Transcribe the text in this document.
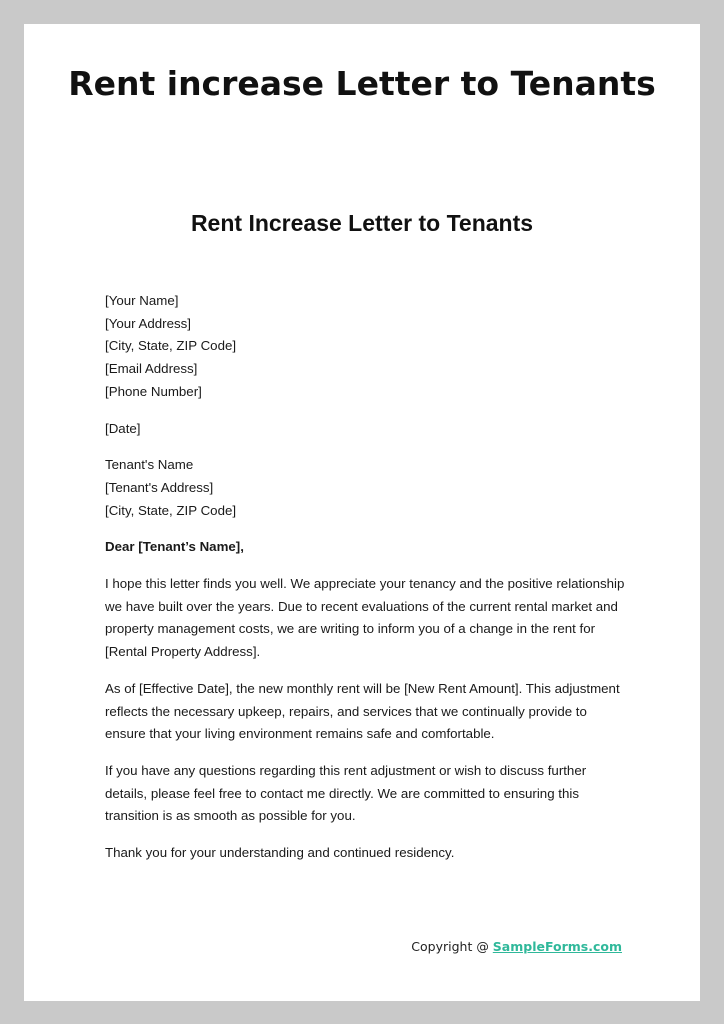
Rent increase Letter to Tenants
Rent Increase Letter to Tenants
[Your Name]
[Your Address]
[City, State, ZIP Code]
[Email Address]
[Phone Number]
[Date]
Tenant's Name
[Tenant's Address]
[City, State, ZIP Code]

Dear [Tenant’s Name],

I hope this letter finds you well. We appreciate your tenancy and the positive relationship we have built over the years. Due to recent evaluations of the current rental market and property management costs, we are writing to inform you of a change in the rent for [Rental Property Address].

As of [Effective Date], the new monthly rent will be [New Rent Amount]. This adjustment reflects the necessary upkeep, repairs, and services that we continually provide to ensure that your living environment remains safe and comfortable.

If you have any questions regarding this rent adjustment or wish to discuss further details, please feel free to contact me directly. We are committed to ensuring this transition is as smooth as possible for you.

Thank you for your understanding and continued residency.

Copyright @ SampleForms.com
